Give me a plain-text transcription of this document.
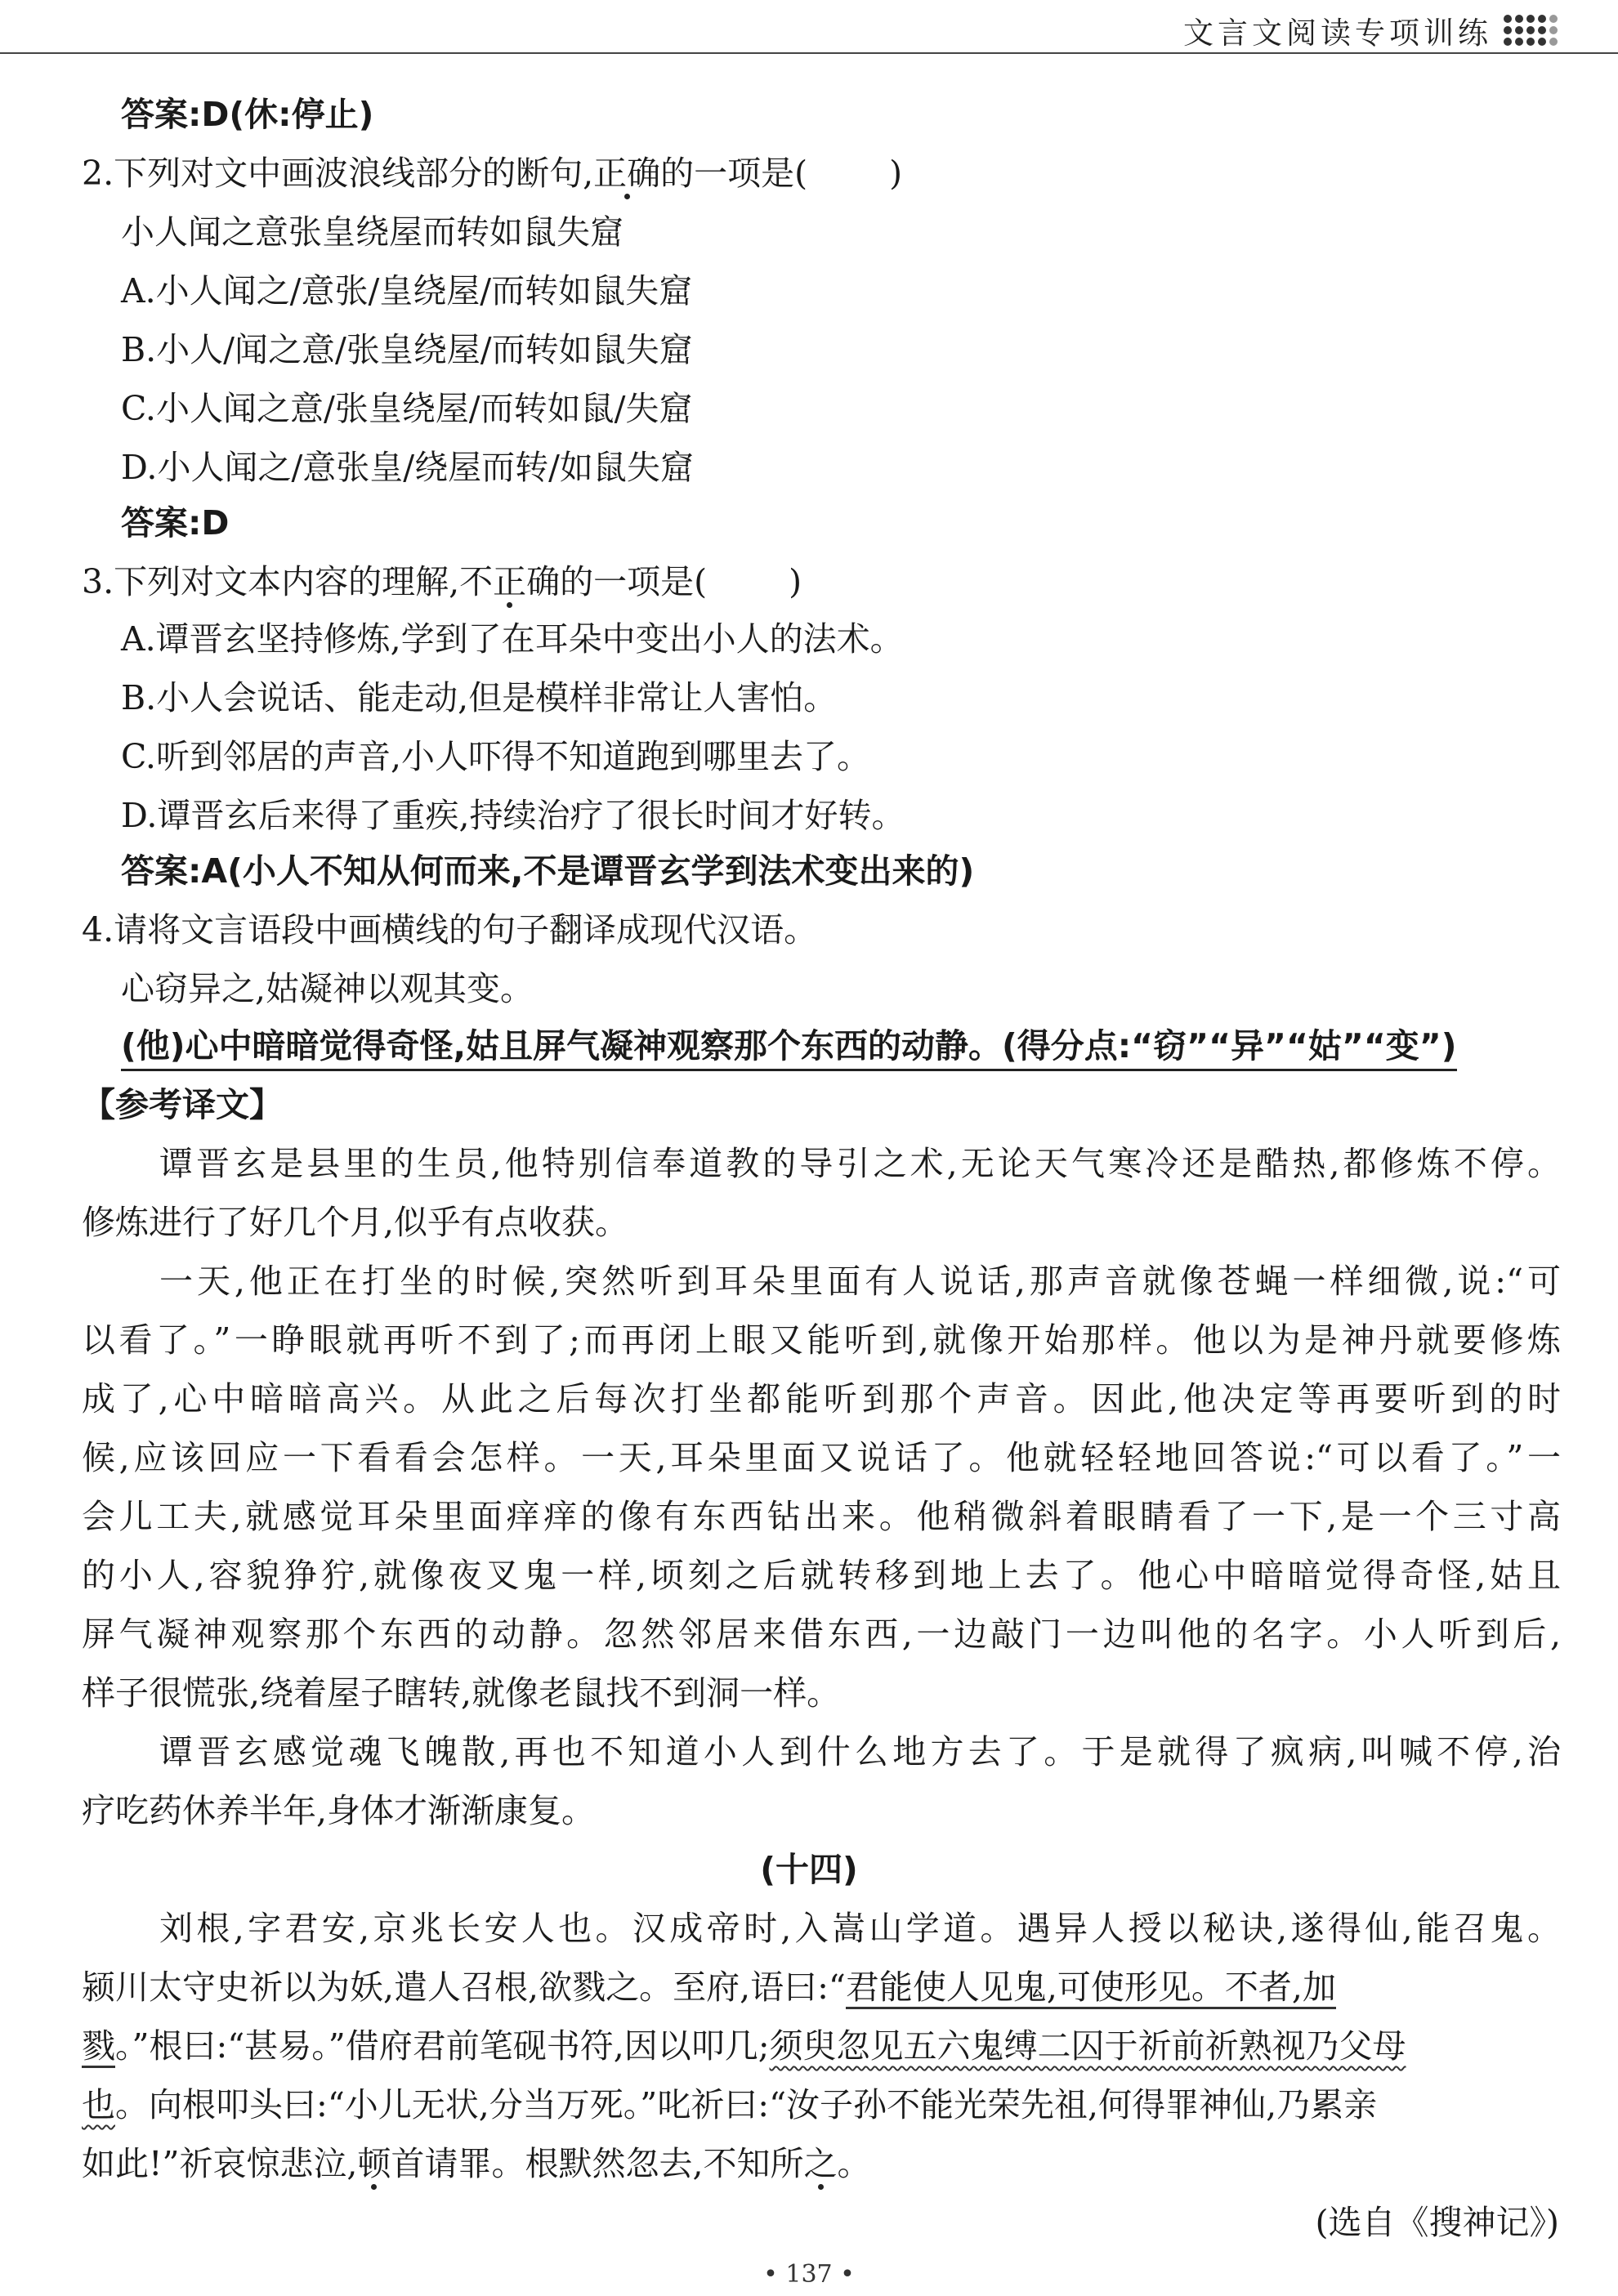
文言文阅读专项训练
答案:D(休:停止)
2.下列对文中画波浪线部分的断句,正确的一项是( )
小人闻之意张皇绕屋而转如鼠失窟
A.小人闻之/意张/皇绕屋/而转如鼠失窟
B.小人/闻之意/张皇绕屋/而转如鼠失窟
C.小人闻之意/张皇绕屋/而转如鼠/失窟
D.小人闻之/意张皇/绕屋而转/如鼠失窟
答案:D
3.下列对文本内容的理解,不正确的一项是( )
A.谭晋玄坚持修炼,学到了在耳朵中变出小人的法术。
B.小人会说话、能走动,但是模样非常让人害怕。
C.听到邻居的声音,小人吓得不知道跑到哪里去了。
D.谭晋玄后来得了重疾,持续治疗了很长时间才好转。
答案:A(小人不知从何而来,不是谭晋玄学到法术变出来的)
4.请将文言语段中画横线的句子翻译成现代汉语。
心窃异之,姑凝神以观其变。
(他)心中暗暗觉得奇怪,姑且屏气凝神观察那个东西的动静。(得分点:“窃”“异”“姑”“变”)
【参考译文】
谭晋玄是县里的生员,他特别信奉道教的导引之术,无论天气寒冷还是酷热,都修炼不停。
修炼进行了好几个月,似乎有点收获。
一天,他正在打坐的时候,突然听到耳朵里面有人说话,那声音就像苍蝇一样细微,说:“可
以看了。”一睁眼就再听不到了;而再闭上眼又能听到,就像开始那样。他以为是神丹就要修炼
成了,心中暗暗高兴。从此之后每次打坐都能听到那个声音。因此,他决定等再要听到的时
候,应该回应一下看看会怎样。一天,耳朵里面又说话了。他就轻轻地回答说:“可以看了。”一
会儿工夫,就感觉耳朵里面痒痒的像有东西钻出来。他稍微斜着眼睛看了一下,是一个三寸高
的小人,容貌狰狞,就像夜叉鬼一样,顷刻之后就转移到地上去了。他心中暗暗觉得奇怪,姑且
屏气凝神观察那个东西的动静。忽然邻居来借东西,一边敲门一边叫他的名字。小人听到后,
样子很慌张,绕着屋子瞎转,就像老鼠找不到洞一样。
谭晋玄感觉魂飞魄散,再也不知道小人到什么地方去了。于是就得了疯病,叫喊不停,治
疗吃药休养半年,身体才渐渐康复。
(十四)
刘根,字君安,京兆长安人也。汉成帝时,入嵩山学道。遇异人授以秘诀,遂得仙,能召鬼。
颍川太守史祈以为妖,遣人召根,欲戮之。至府,语曰:“君能使人见鬼,可使形见。不者,加
戮。”根曰:“甚易。”借府君前笔砚书符,因以叩几;须臾忽见五六鬼缚二囚于祈前祈熟视乃父母
也。向根叩头曰:“小儿无状,分当万死。”叱祈曰:“汝子孙不能光荣先祖,何得罪神仙,乃累亲
如此!”祈哀惊悲泣,顿首请罪。根默然忽去,不知所之。
(选自《搜神记》)
• 137 •
